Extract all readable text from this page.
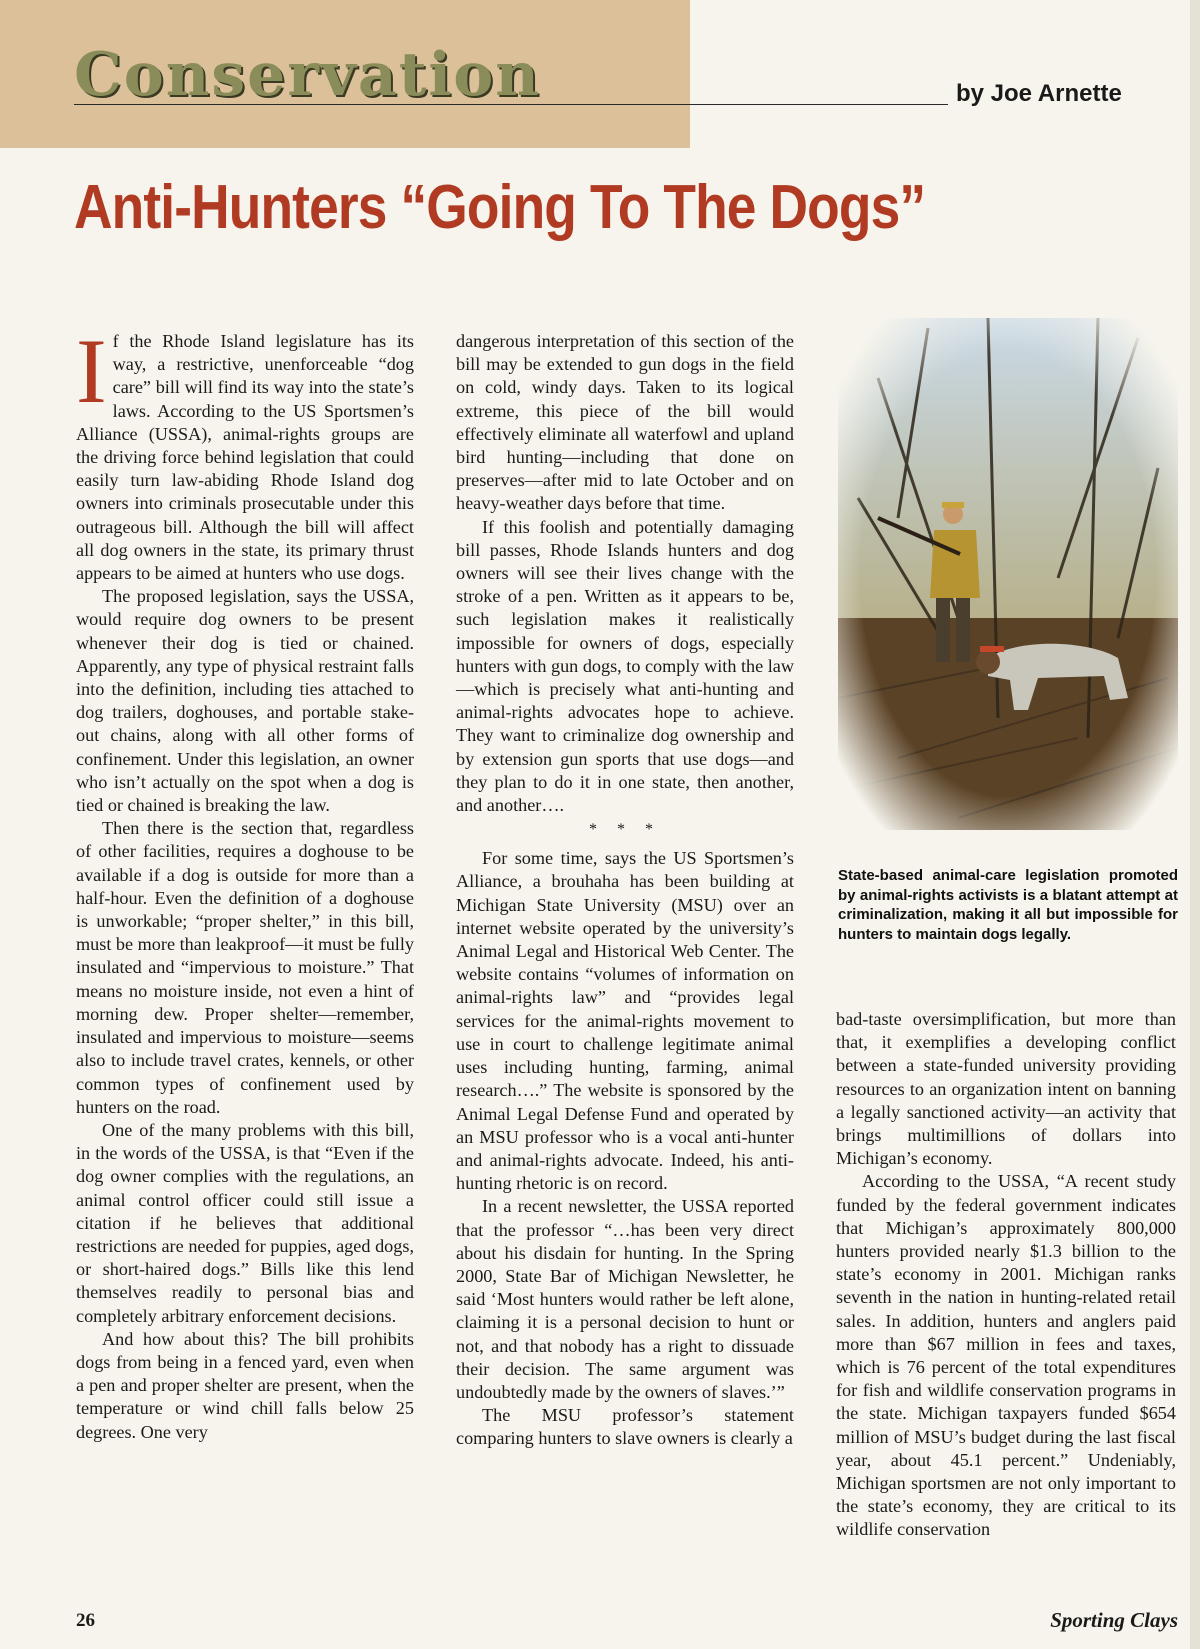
Conservation	by Joe Arnette
Anti-Hunters “Going To The Dogs”

If the Rhode Island legislature has its way, a restrictive, unenforceable “dog care” bill will find its way into the state’s laws. According to the US Sportsmen’s Alliance (USSA), animal-rights groups are the driving force behind legislation that could easily turn law-abiding Rhode Island dog owners into criminals prosecutable under this outrageous bill. Although the bill will affect all dog owners in the state, its primary thrust appears to be aimed at hunters who use dogs.

The proposed legislation, says the USSA, would require dog owners to be present whenever their dog is tied or chained. Apparently, any type of physical restraint falls into the definition, including ties attached to dog trailers, doghouses, and portable stake-out chains, along with all other forms of confinement. Under this legislation, an owner who isn’t actually on the spot when a dog is tied or chained is breaking the law.

Then there is the section that, regardless of other facilities, requires a doghouse to be available if a dog is outside for more than a half-hour. Even the definition of a doghouse is unworkable; “proper shelter,” in this bill, must be more than leakproof—it must be fully insulated and “impervious to moisture.” That means no moisture inside, not even a hint of morning dew. Proper shelter—remember, insulated and impervious to moisture—seems also to include travel crates, kennels, or other common types of confinement used by hunters on the road.

One of the many problems with this bill, in the words of the USSA, is that “Even if the dog owner complies with the regulations, an animal control officer could still issue a citation if he believes that additional restrictions are needed for puppies, aged dogs, or short-haired dogs.” Bills like this lend themselves readily to personal bias and completely arbitrary enforcement decisions.

And how about this? The bill prohibits dogs from being in a fenced yard, even when a pen and proper shelter are present, when the temperature or wind chill falls below 25 degrees. One very

dangerous interpretation of this section of the bill may be extended to gun dogs in the field on cold, windy days. Taken to its logical extreme, this piece of the bill would effectively eliminate all waterfowl and upland bird hunting—including that done on preserves—after mid to late October and on heavy-weather days before that time.

If this foolish and potentially damaging bill passes, Rhode Islands hunters and dog owners will see their lives change with the stroke of a pen. Written as it appears to be, such legislation makes it realistically impossible for owners of dogs, especially hunters with gun dogs, to comply with the law—which is precisely what anti-hunting and animal-rights advocates hope to achieve. They want to criminalize dog ownership and by extension gun sports that use dogs—and they plan to do it in one state, then another, and another….

* * *

For some time, says the US Sportsmen’s Alliance, a brouhaha has been building at Michigan State University (MSU) over an internet website operated by the university’s Animal Legal and Historical Web Center. The website contains “volumes of information on animal-rights law” and “provides legal services for the animal-rights movement to use in court to challenge legitimate animal uses including hunting, farming, animal research….” The website is sponsored by the Animal Legal Defense Fund and operated by an MSU professor who is a vocal anti-hunter and animal-rights advocate. Indeed, his anti-hunting rhetoric is on record.

In a recent newsletter, the USSA reported that the professor “…has been very direct about his disdain for hunting. In the Spring 2000, State Bar of Michigan Newsletter, he said ‘Most hunters would rather be left alone, claiming it is a personal decision to hunt or not, and that nobody has a right to dissuade their decision. The same argument was undoubtedly made by the owners of slaves.’”

The MSU professor’s statement comparing hunters to slave owners is clearly a

State-based animal-care legislation promoted by animal-rights activists is a blatant attempt at criminalization, making it all but impossible for hunters to maintain dogs legally.

bad-taste oversimplification, but more than that, it exemplifies a developing conflict between a state-funded university providing resources to an organization intent on banning a legally sanctioned activity—an activity that brings multimillions of dollars into Michigan’s economy.

According to the USSA, “A recent study funded by the federal government indicates that Michigan’s approximately 800,000 hunters provided nearly $1.3 billion to the state’s economy in 2001. Michigan ranks seventh in the nation in hunting-related retail sales. In addition, hunters and anglers paid more than $67 million in fees and taxes, which is 76 percent of the total expenditures for fish and wildlife conservation programs in the state. Michigan taxpayers funded $654 million of MSU’s budget during the last fiscal year, about 45.1 percent.” Undeniably, Michigan sportsmen are not only important to the state’s economy, they are critical to its wildlife conservation

26	Sporting Clays
